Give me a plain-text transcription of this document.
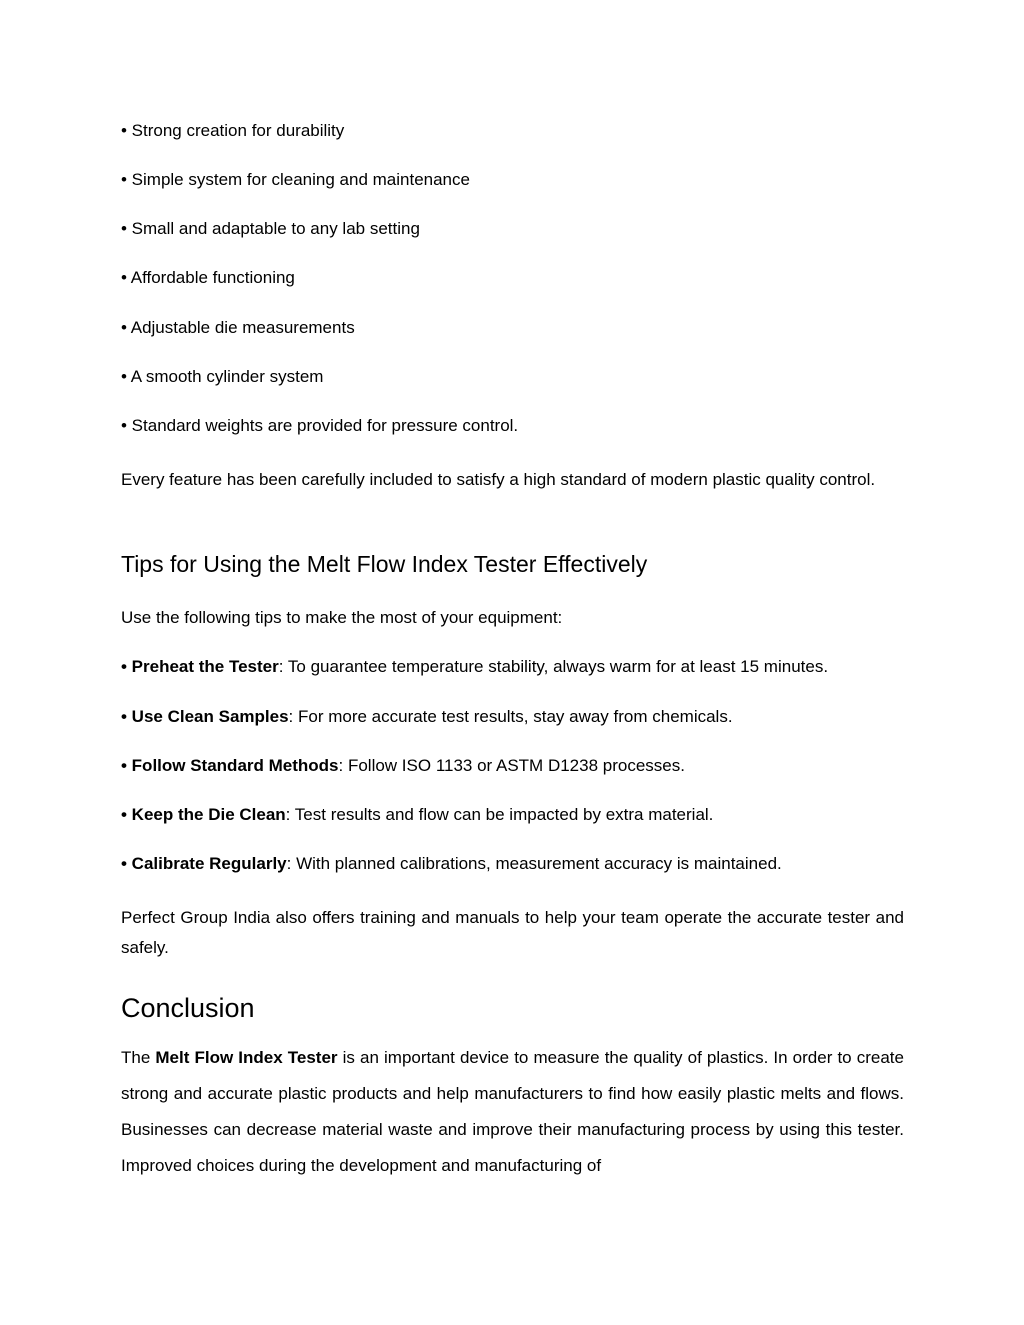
• Strong creation for durability
• Simple system for cleaning and maintenance
• Small and adaptable to any lab setting
• Affordable functioning
• Adjustable die measurements
• A smooth cylinder system
• Standard weights are provided for pressure control.
Every feature has been carefully included to satisfy a high standard of modern plastic quality control.
Tips for Using the Melt Flow Index Tester Effectively
Use the following tips to make the most of your equipment:
• Preheat the Tester: To guarantee temperature stability, always warm for at least 15 minutes.
• Use Clean Samples: For more accurate test results, stay away from chemicals.
• Follow Standard Methods: Follow ISO 1133 or ASTM D1238 processes.
• Keep the Die Clean: Test results and flow can be impacted by extra material.
• Calibrate Regularly: With planned calibrations, measurement accuracy is maintained.
Perfect Group India also offers training and manuals to help your team operate the accurate tester and safely.
Conclusion
The Melt Flow Index Tester is an important device to measure the quality of plastics. In order to create strong and accurate plastic products and help manufacturers to find how easily plastic melts and flows. Businesses can decrease material waste and improve their manufacturing process by using this tester. Improved choices during the development and manufacturing of
